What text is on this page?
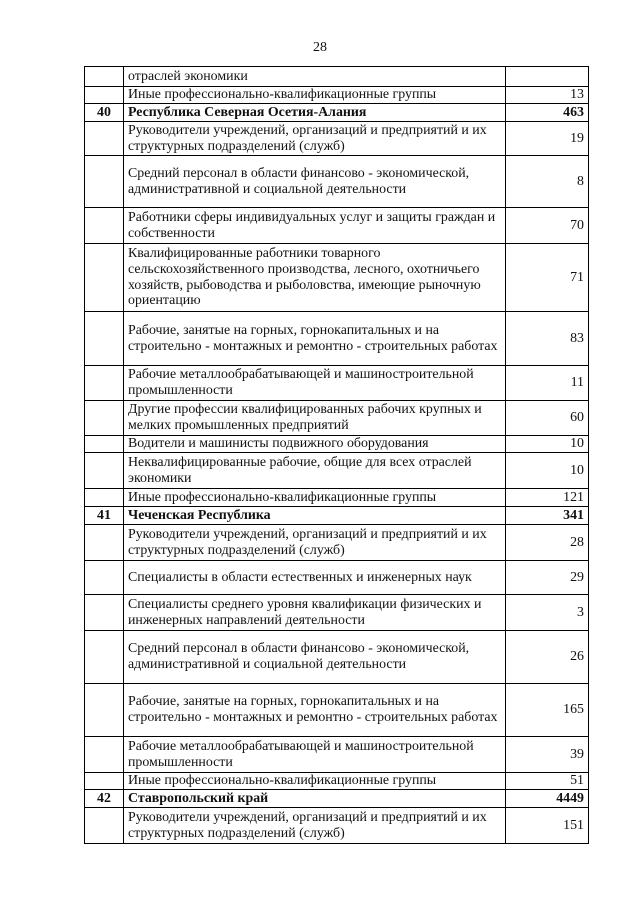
28
	отраслей экономики	
	Иные профессионально-квалификационные группы	13
40	Республика Северная Осетия-Алания	463
	Руководители учреждений, организаций и предприятий и их структурных подразделений (служб)	19
	Средний персонал в области финансово - экономической, административной и социальной деятельности	8
	Работники сферы индивидуальных услуг и защиты граждан и собственности	70
	Квалифицированные работники товарного сельскохозяйственного производства, лесного, охотничьего хозяйств, рыбоводства и рыболовства, имеющие рыночную ориентацию	71
	Рабочие, занятые на горных, горнокапитальных и на строительно - монтажных и ремонтно - строительных работах	83
	Рабочие металлообрабатывающей и машиностроительной промышленности	11
	Другие профессии квалифицированных рабочих крупных и мелких промышленных предприятий	60
	Водители и машинисты подвижного оборудования	10
	Неквалифицированные рабочие, общие для всех отраслей экономики	10
	Иные профессионально-квалификационные группы	121
41	Чеченская Республика	341
	Руководители учреждений, организаций и предприятий и их структурных подразделений (служб)	28
	Специалисты в области естественных и инженерных наук	29
	Специалисты среднего уровня квалификации физических и инженерных направлений деятельности	3
	Средний персонал в области финансово - экономической, административной и социальной деятельности	26
	Рабочие, занятые на горных, горнокапитальных и на строительно - монтажных и ремонтно - строительных работах	165
	Рабочие металлообрабатывающей и машиностроительной промышленности	39
	Иные профессионально-квалификационные группы	51
42	Ставропольский край	4449
	Руководители учреждений, организаций и предприятий и их структурных подразделений (служб)	151
